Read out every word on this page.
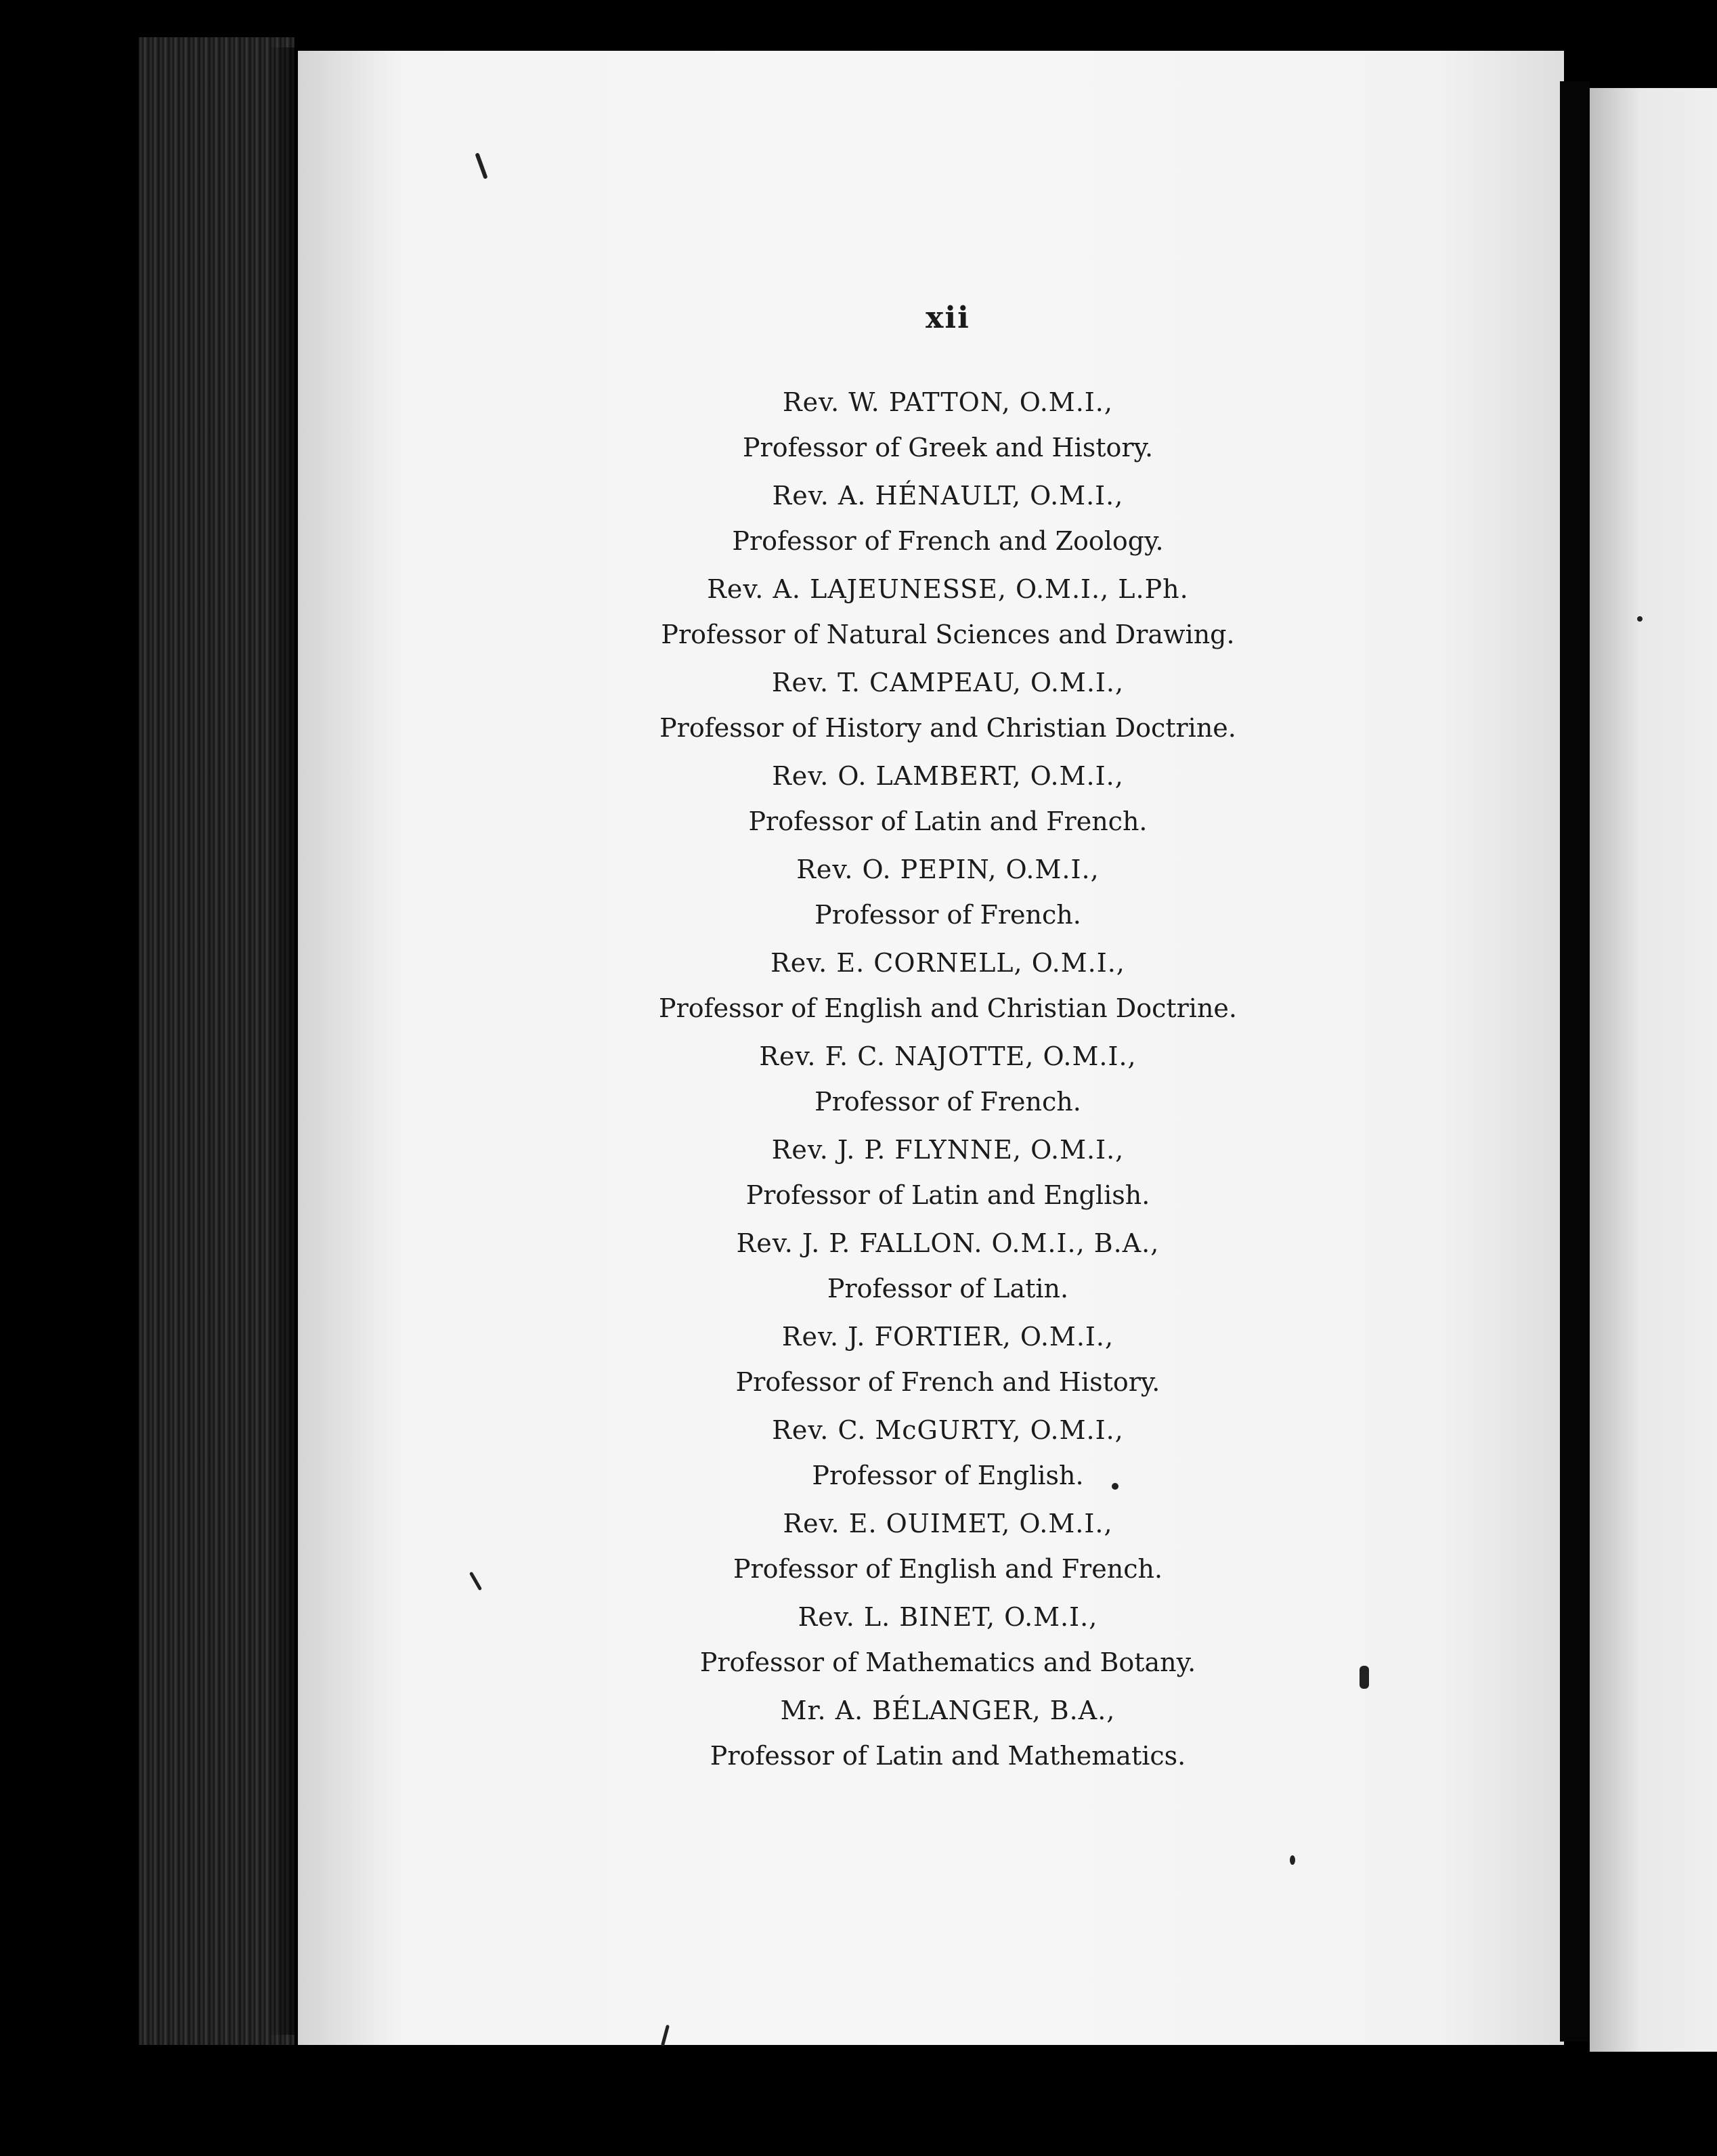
xii
Rev. W. PATTON, O.M.I.,
Professor of Greek and History.
Rev. A. HÉNAULT, O.M.I.,
Professor of French and Zoology.
Rev. A. LAJEUNESSE, O.M.I., L.Ph.
Professor of Natural Sciences and Drawing.
Rev. T. CAMPEAU, O.M.I.,
Professor of History and Christian Doctrine.
Rev. O. LAMBERT, O.M.I.,
Professor of Latin and French.
Rev. O. PEPIN, O.M.I.,
Professor of French.
Rev. E. CORNELL, O.M.I.,
Professor of English and Christian Doctrine.
Rev. F. C. NAJOTTE, O.M.I.,
Professor of French.
Rev. J. P. FLYNNE, O.M.I.,
Professor of Latin and English.
Rev. J. P. FALLON. O.M.I., B.A.,
Professor of Latin.
Rev. J. FORTIER, O.M.I.,
Professor of French and History.
Rev. C. McGURTY, O.M.I.,
Professor of English.
Rev. E. OUIMET, O.M.I.,
Professor of English and French.
Rev. L. BINET, O.M.I.,
Professor of Mathematics and Botany.
Mr. A. BÉLANGER, B.A.,
Professor of Latin and Mathematics.
